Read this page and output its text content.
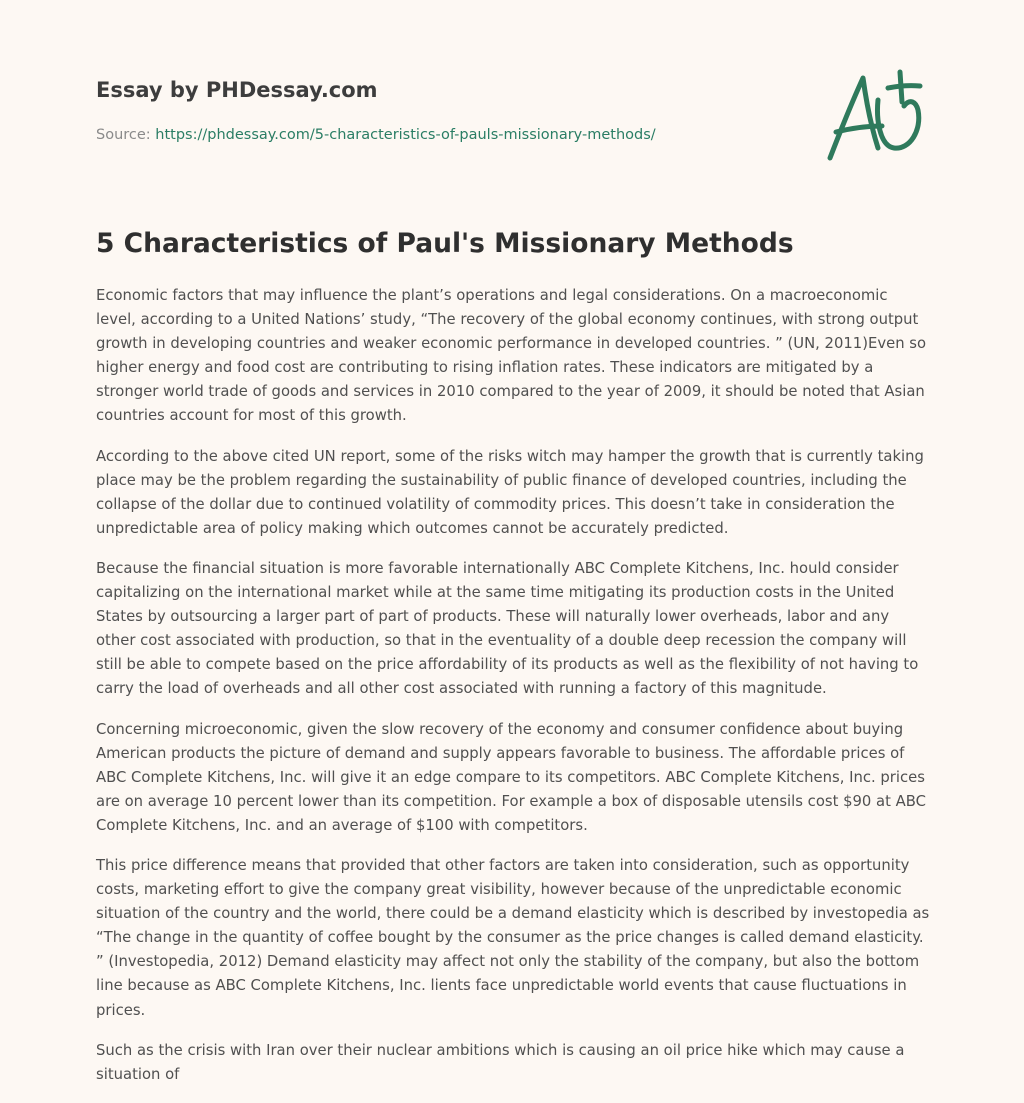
Essay by PHDessay.com
Source: https://phdessay.com/5-characteristics-of-pauls-missionary-methods/
5 Characteristics of Paul's Missionary Methods

Economic factors that may influence the plant’s operations and legal considerations. On a macroeconomic level, according to a United Nations’ study, “The recovery of the global economy continues, with strong output growth in developing countries and weaker economic performance in developed countries. ” (UN, 2011)Even so higher energy and food cost are contributing to rising inflation rates. These indicators are mitigated by a stronger world trade of goods and services in 2010 compared to the year of 2009, it should be noted that Asian countries account for most of this growth.

According to the above cited UN report, some of the risks witch may hamper the growth that is currently taking place may be the problem regarding the sustainability of public finance of developed countries, including the collapse of the dollar due to continued volatility of commodity prices. This doesn’t take in consideration the unpredictable area of policy making which outcomes cannot be accurately predicted.

Because the financial situation is more favorable internationally ABC Complete Kitchens, Inc. hould consider capitalizing on the international market while at the same time mitigating its production costs in the United States by outsourcing a larger part of part of products. These will naturally lower overheads, labor and any other cost associated with production, so that in the eventuality of a double deep recession the company will still be able to compete based on the price affordability of its products as well as the flexibility of not having to carry the load of overheads and all other cost associated with running a factory of this magnitude.

Concerning microeconomic, given the slow recovery of the economy and consumer confidence about buying American products the picture of demand and supply appears favorable to business. The affordable prices of ABC Complete Kitchens, Inc. will give it an edge compare to its competitors. ABC Complete Kitchens, Inc. prices are on average 10 percent lower than its competition. For example a box of disposable utensils cost $90 at ABC Complete Kitchens, Inc. and an average of $100 with competitors.

This price difference means that provided that other factors are taken into consideration, such as opportunity costs, marketing effort to give the company great visibility, however because of the unpredictable economic situation of the country and the world, there could be a demand elasticity which is described by investopedia as “The change in the quantity of coffee bought by the consumer as the price changes is called demand elasticity. ” (Investopedia, 2012) Demand elasticity may affect not only the stability of the company, but also the bottom line because as ABC Complete Kitchens, Inc. lients face unpredictable world events that cause fluctuations in prices.

Such as the crisis with Iran over their nuclear ambitions which is causing an oil price hike which may cause a situation of
